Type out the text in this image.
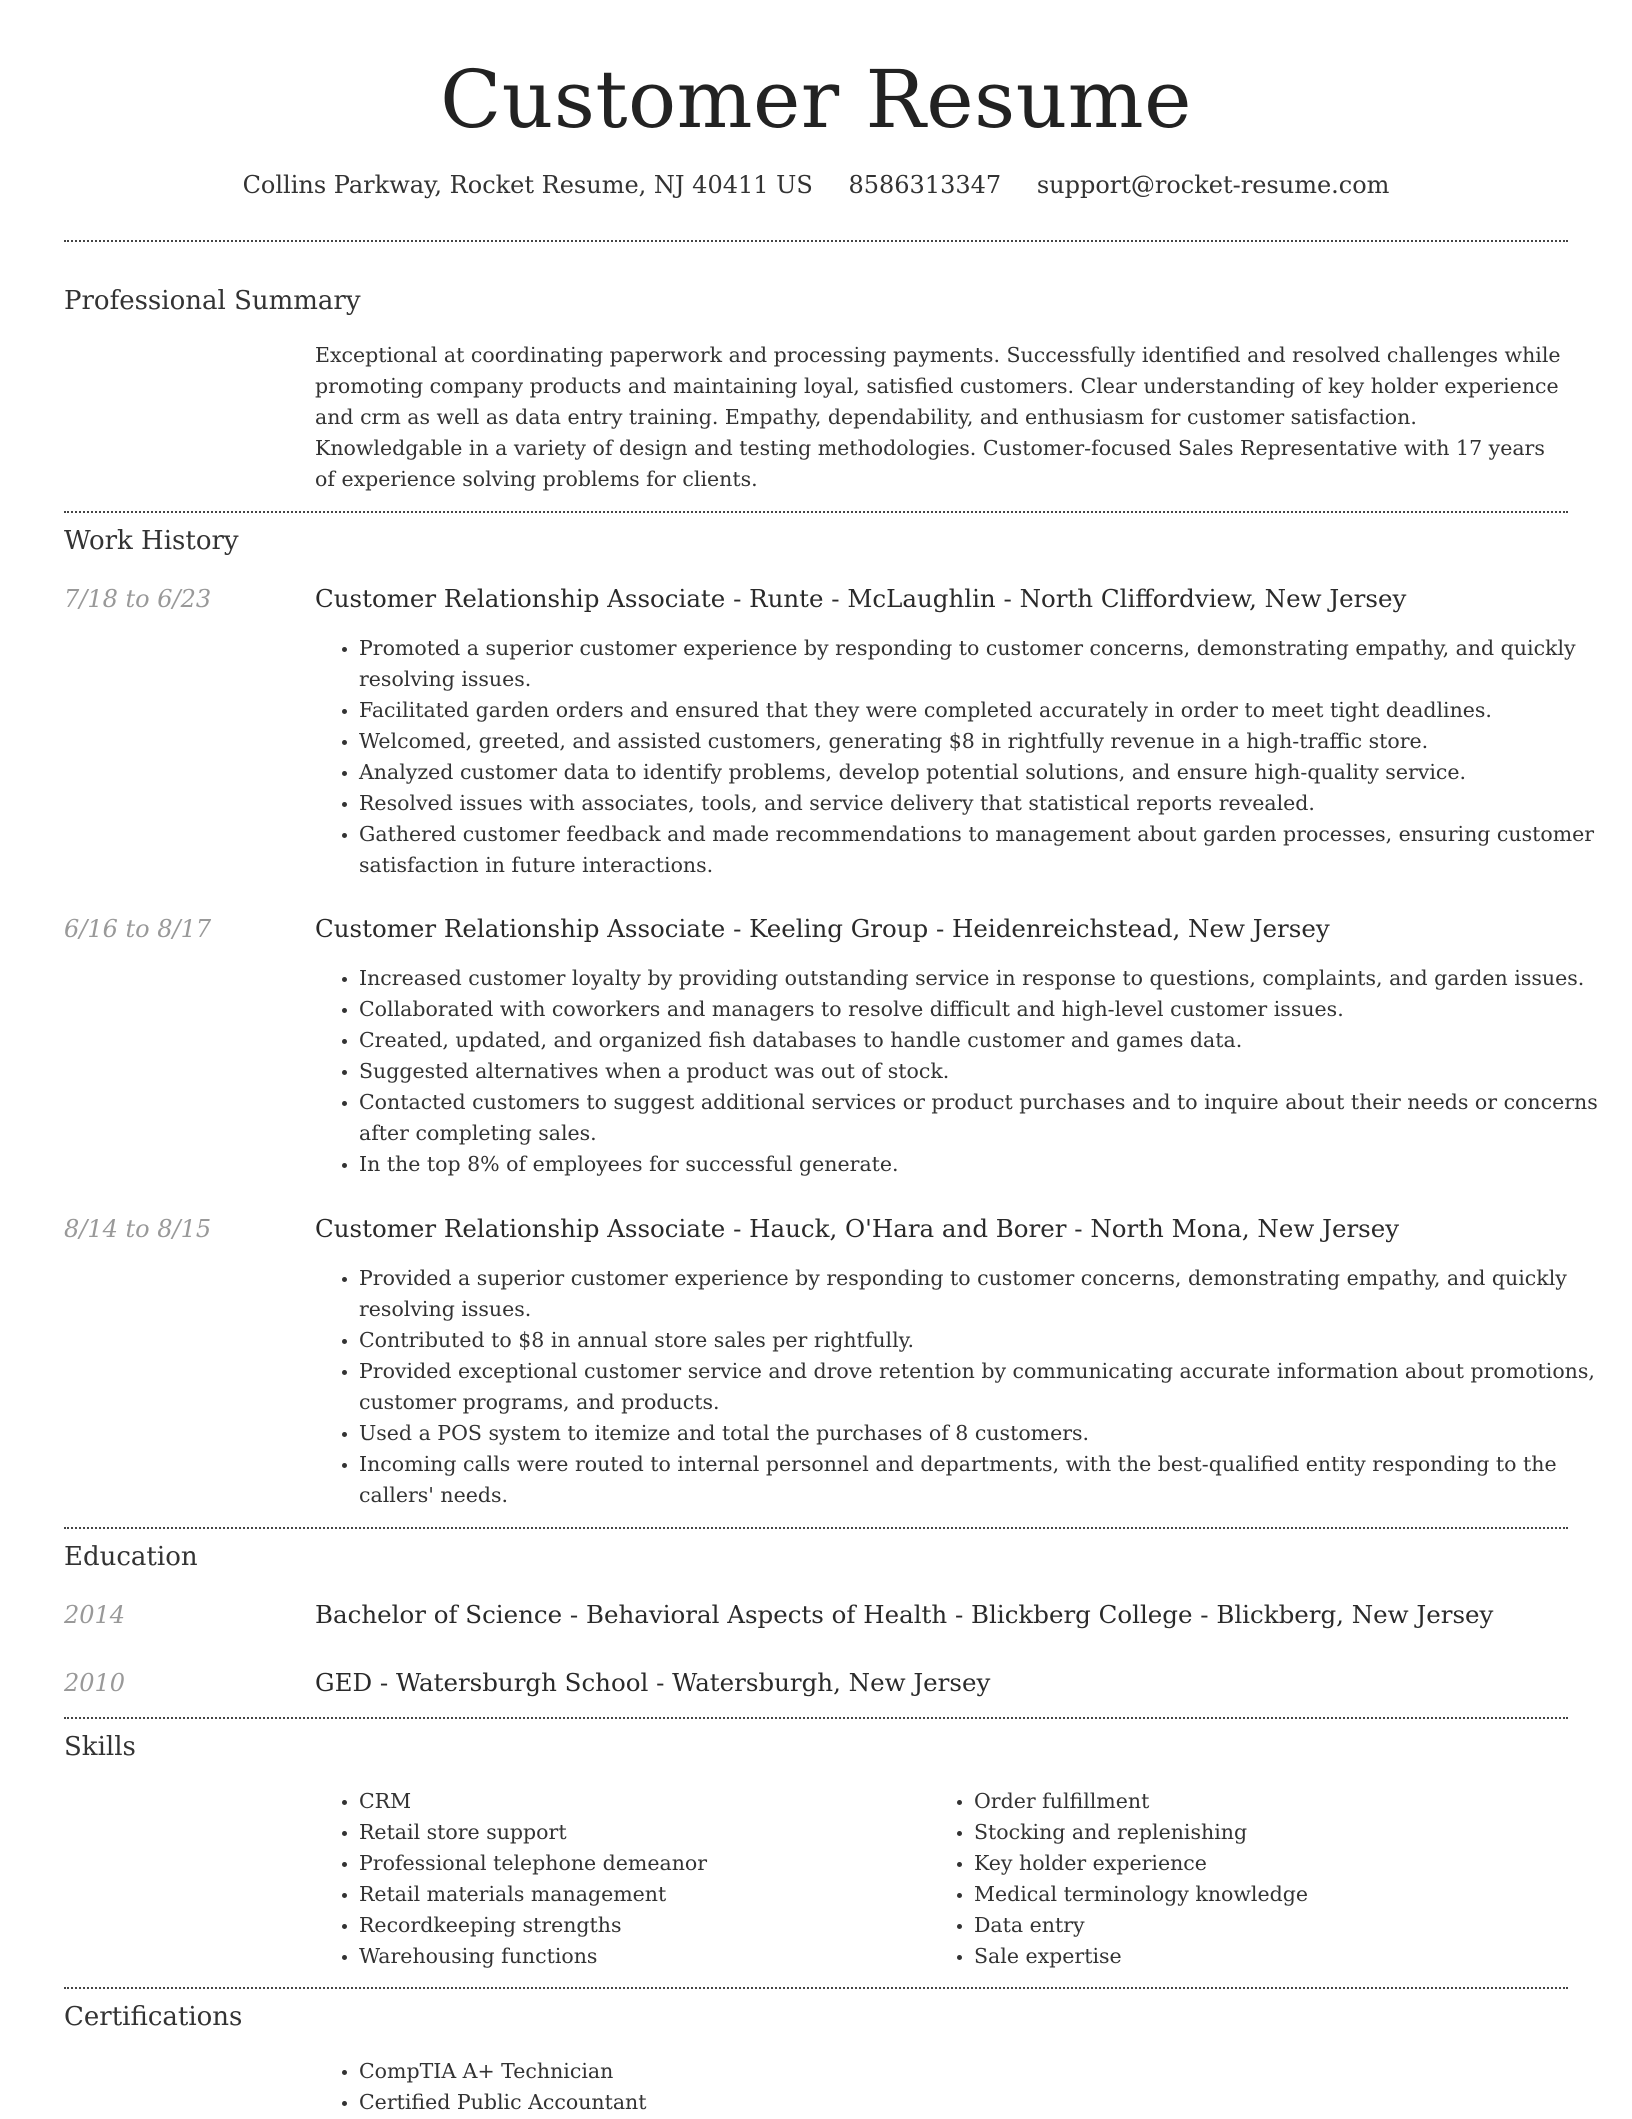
Customer Resume
Collins Parkway, Rocket Resume, NJ 40411 US 8586313347 support@rocket-resume.com
Professional Summary

Exceptional at coordinating paperwork and processing payments. Successfully identified and resolved challenges while promoting company products and maintaining loyal, satisfied customers. Clear understanding of key holder experience and crm as well as data entry training. Empathy, dependability, and enthusiasm for customer satisfaction. Knowledgable in a variety of design and testing methodologies. Customer-focused Sales Representative with 17 years of experience solving problems for clients.

Work History
7/18 to 6/23	Customer Relationship Associate - Runte - McLaughlin - North Cliffordview, New Jersey
• Promoted a superior customer experience by responding to customer concerns, demonstrating empathy, and quickly resolving issues.
• Facilitated garden orders and ensured that they were completed accurately in order to meet tight deadlines.
• Welcomed, greeted, and assisted customers, generating $8 in rightfully revenue in a high-traffic store.
• Analyzed customer data to identify problems, develop potential solutions, and ensure high-quality service.
• Resolved issues with associates, tools, and service delivery that statistical reports revealed.
• Gathered customer feedback and made recommendations to management about garden processes, ensuring customer satisfaction in future interactions.
6/16 to 8/17	Customer Relationship Associate - Keeling Group - Heidenreichstead, New Jersey
• Increased customer loyalty by providing outstanding service in response to questions, complaints, and garden issues.
• Collaborated with coworkers and managers to resolve difficult and high-level customer issues.
• Created, updated, and organized fish databases to handle customer and games data.
• Suggested alternatives when a product was out of stock.
• Contacted customers to suggest additional services or product purchases and to inquire about their needs or concerns after completing sales.
• In the top 8% of employees for successful generate.
8/14 to 8/15	Customer Relationship Associate - Hauck, O'Hara and Borer - North Mona, New Jersey
• Provided a superior customer experience by responding to customer concerns, demonstrating empathy, and quickly resolving issues.
• Contributed to $8 in annual store sales per rightfully.
• Provided exceptional customer service and drove retention by communicating accurate information about promotions, customer programs, and products.
• Used a POS system to itemize and total the purchases of 8 customers.
• Incoming calls were routed to internal personnel and departments, with the best-qualified entity responding to the callers' needs.
Education
2014	Bachelor of Science - Behavioral Aspects of Health - Blickberg College - Blickberg, New Jersey
2010	GED - Watersburgh School - Watersburgh, New Jersey
Skills
• CRM
• Retail store support
• Professional telephone demeanor
• Retail materials management
• Recordkeeping strengths
• Warehousing functions
• Order fulfillment
• Stocking and replenishing
• Key holder experience
• Medical terminology knowledge
• Data entry
• Sale expertise
Certifications
• CompTIA A+ Technician
• Certified Public Accountant
